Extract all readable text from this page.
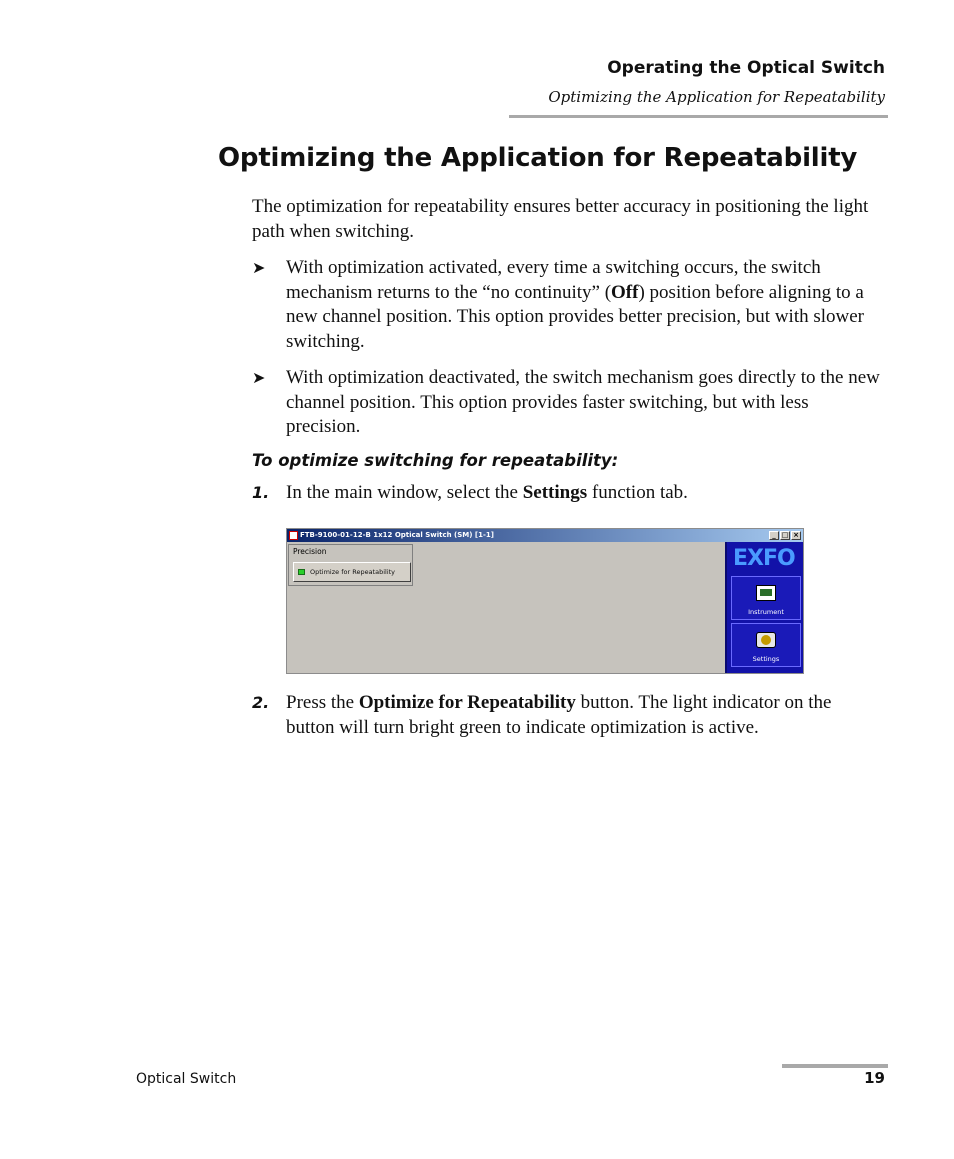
Operating the Optical Switch
Optimizing the Application for Repeatability
Optimizing the Application for Repeatability
The optimization for repeatability ensures better accuracy in positioning the light path when switching.
➤ With optimization activated, every time a switching occurs, the switch mechanism returns to the “no continuity” (Off) position before aligning to a new channel position. This option provides better precision, but with slower switching.
➤ With optimization deactivated, the switch mechanism goes directly to the new channel position. This option provides faster switching, but with less precision.
To optimize switching for repeatability:
1. In the main window, select the Settings function tab.
FTB-9100-01-12-B 1x12 Optical Switch (SM) [1-1]	_ □ ×
Precision
Optimize for Repeatability
EXFO
Instrument
Settings
2. Press the Optimize for Repeatability button. The light indicator on the button will turn bright green to indicate optimization is active.
Optical Switch	19
